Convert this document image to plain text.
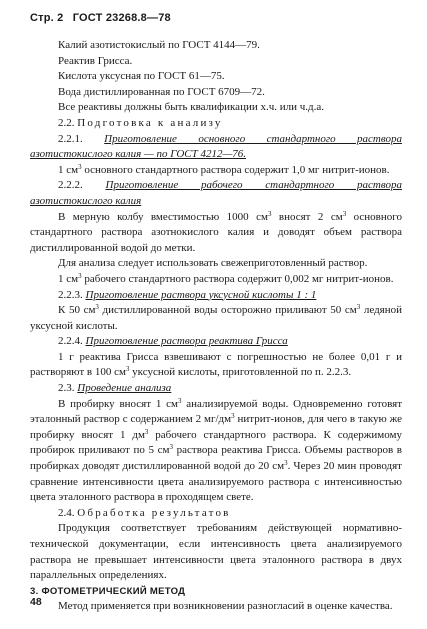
Стр. 2 ГОСТ 23268.8—78

Калий азотистокислый по ГОСТ 4144—79.

Реактив Грисса.

Кислота уксусная по ГОСТ 61—75.

Вода дистиллированная по ГОСТ 6709—72.

Все реактивы должны быть квалификации х.ч. или ч.д.а.

2.2. Подготовка к анализу

2.2.1. Приготовление основного стандартного раствора азотистокислого калия — по ГОСТ 4212—76.

1 $см^3$ основного стандартного раствора содержит 1,0 мг нитрит-ионов.

2.2.2. Приготовление рабочего стандартного раствора азотистокислого калия

В мерную колбу вместимостью 1000 $см^3$ вносят 2 $см^3$ основного стандартного раствора азотнокислого калия и доводят объем раствора дистиллированной водой до метки.

Для анализа следует использовать свежеприготовленный раствор.

1 $см^3$ рабочего стандартного раствора содержит 0,002 мг нитрит-ионов.

2.2.3. Приготовление раствора уксусной кислоты 1 : 1

К 50 $см^3$ дистиллированной воды осторожно приливают 50 $см^3$ ледяной уксусной кислоты.

2.2.4. Приготовление раствора реактива Грисса

1 г реактива Грисса взвешивают с погрешностью не более 0,01 г и растворяют в 100 $см^3$ уксусной кислоты, приготовленной по п. 2.2.3.

2.3. Проведение анализа

В пробирку вносят 1 $см^3$ анализируемой воды. Одновременно готовят эталонный раствор с содержанием 2 $мг/дм^3$ нитрит-ионов, для чего в такую же пробирку вносят 1 $дм^3$ рабочего стандартного раствора. К содержимому пробирок приливают по 5 $см^3$ раствора реактива Грисса. Объемы растворов в пробирках доводят дистиллированной водой до 20 $см^3$. Через 20 мин проводят сравнение интенсивности цвета анализируемого раствора с интенсивностью цвета эталонного раствора в проходящем свете.

2.4. Обработка результатов

Продукция соответствует требованиям действующей нормативно-технической документации, если интенсивность цвета анализируемого раствора не превышает интенсивности цвета эталонного раствора в двух параллельных определениях.

3. ФОТОМЕТРИЧЕСКИЙ МЕТОД

Метод применяется при возникновении разногласий в оценке качества.

48
